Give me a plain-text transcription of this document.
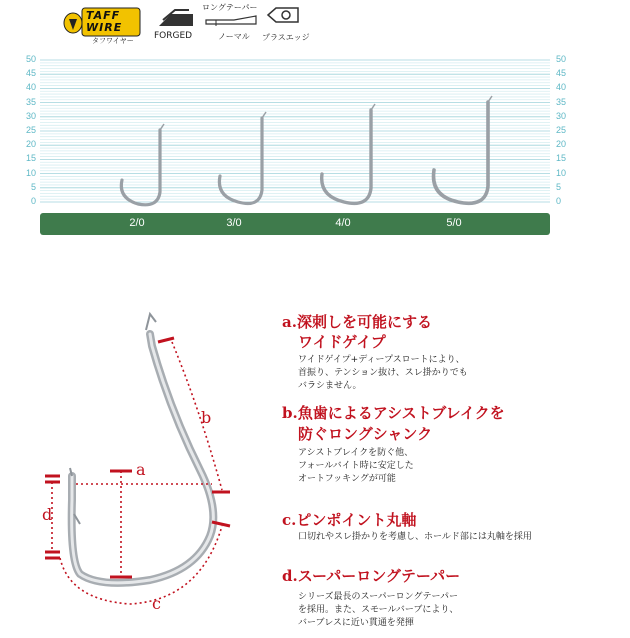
TAFF
WIRE
タフワイヤー FORGED
ロングテーパー
ノーマル プラスエッジ
50
45
40
35
30
25
20
15
10
5
0
50
45
40
35
30
25
20
15
10
5
0
2/0	3/0	4/0	5/0
a
b
c
d
a.深刺しを可能にする
ワイドゲイプ
ワイドゲイプ+ディープスロートにより、
首振り、テンション抜け、スレ掛かりでも
バラシません。
b.魚歯によるアシストブレイクを
防ぐロングシャンク
アシストブレイクを防ぐ他、
フォールバイト時に安定した
オートフッキングが可能
c.ピンポイント丸軸
口切れやスレ掛かりを考慮し、ホールド部には丸軸を採用
d.スーパーロングテーパー
シリーズ最長のスーパーロングテーパー
を採用。また、スモールバーブにより、
バーブレスに近い貫通を発揮
